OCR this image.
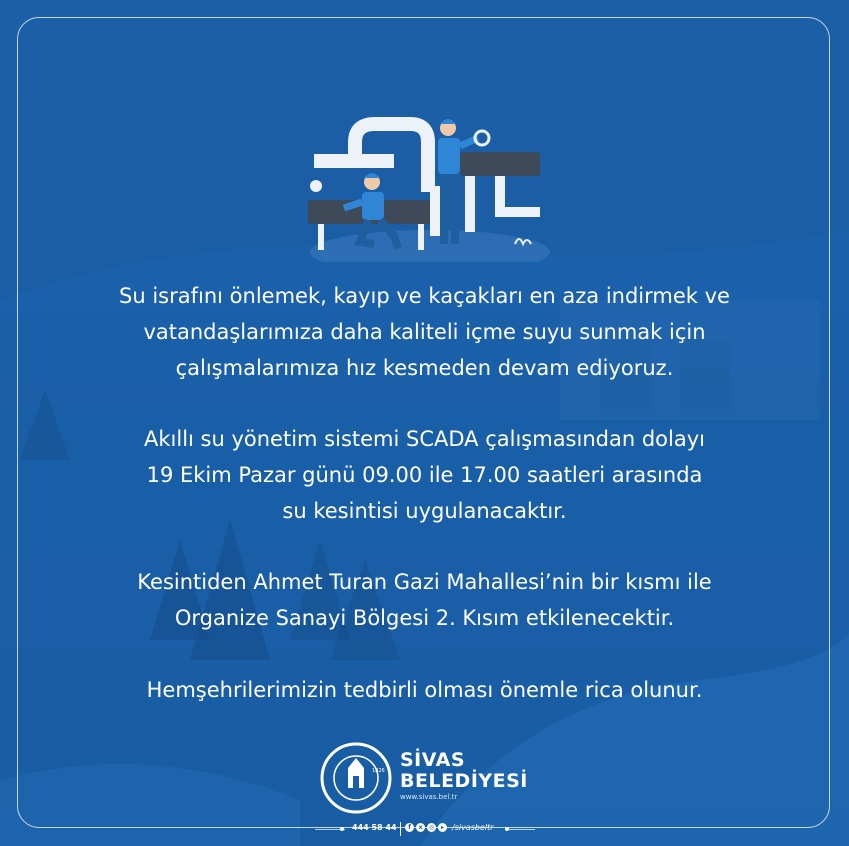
Su israfını önlemek, kayıp ve kaçakları en aza indirmek ve
vatandaşlarımıza daha kaliteli içme suyu sunmak için
çalışmalarımıza hız kesmeden devam ediyoruz.
Akıllı su yönetim sistemi SCADA çalışmasından dolayı
19 Ekim Pazar günü 09.00 ile 17.00 saatleri arasında
su kesintisi uygulanacaktır.
Kesintiden Ahmet Turan Gazi Mahallesi’nin bir kısmı ile
Organize Sanayi Bölgesi 2. Kısım etkilenecektir.
Hemşehrilerimizin tedbirli olması önemle rica olunur.
1826 SİVAS
BELEDİYESİ
www.sivas.bel.tr
444 58 44	f	x	◎	▸	/sivasbeltr
